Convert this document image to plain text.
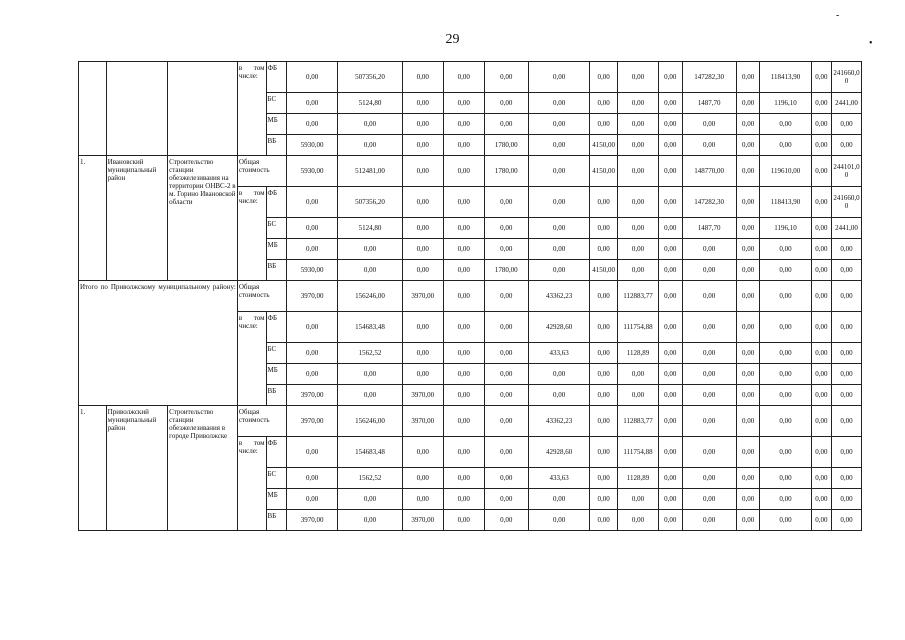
29
-
•
			в том числе:	ФБ	0,00	507356,20	0,00	0,00	0,00	0,00	0,00	0,00	0,00	147282,30	0,00	118413,90	0,00	241660,00
				БС	0,00	5124,80	0,00	0,00	0,00	0,00	0,00	0,00	0,00	1487,70	0,00	1196,10	0,00	2441,00
				МБ	0,00	0,00	0,00	0,00	0,00	0,00	0,00	0,00	0,00	0,00	0,00	0,00	0,00	0,00
				ВБ	5930,00	0,00	0,00	0,00	1780,00	0,00	4150,00	0,00	0,00	0,00	0,00	0,00	0,00	0,00
1.	Ивановский муниципальный район	Строительство станции обезжелезивания на территории ОНВС-2 в м. Горино Ивановской области	Общая стоимость		5930,00	512481,00	0,00	0,00	1780,00	0,00	4150,00	0,00	0,00	148770,00	0,00	119610,00	0,00	244101,00
			в том числе:	ФБ	0,00	507356,20	0,00	0,00	0,00	0,00	0,00	0,00	0,00	147282,30	0,00	118413,90	0,00	241660,00
				БС	0,00	5124,80	0,00	0,00	0,00	0,00	0,00	0,00	0,00	1487,70	0,00	1196,10	0,00	2441,00
				МБ	0,00	0,00	0,00	0,00	0,00	0,00	0,00	0,00	0,00	0,00	0,00	0,00	0,00	0,00
				ВБ	5930,00	0,00	0,00	0,00	1780,00	0,00	4150,00	0,00	0,00	0,00	0,00	0,00	0,00	0,00
Итого по Приволжскому муниципальному району:			Общая стоимость		3970,00	156246,00	3970,00	0,00	0,00	43362,23	0,00	112883,77	0,00	0,00	0,00	0,00	0,00	0,00
			в том числе:	ФБ	0,00	154683,48	0,00	0,00	0,00	42928,60	0,00	111754,88	0,00	0,00	0,00	0,00	0,00	0,00
				БС	0,00	1562,52	0,00	0,00	0,00	433,63	0,00	1128,89	0,00	0,00	0,00	0,00	0,00	0,00
				МБ	0,00	0,00	0,00	0,00	0,00	0,00	0,00	0,00	0,00	0,00	0,00	0,00	0,00	0,00
				ВБ	3970,00	0,00	3970,00	0,00	0,00	0,00	0,00	0,00	0,00	0,00	0,00	0,00	0,00	0,00
1.	Приволжский муниципальный район	Строительство станции обезжелезивания в городе Приволжске	Общая стоимость		3970,00	156246,00	3970,00	0,00	0,00	43362,23	0,00	112883,77	0,00	0,00	0,00	0,00	0,00	0,00
			в том числе:	ФБ	0,00	154683,48	0,00	0,00	0,00	42928,60	0,00	111754,88	0,00	0,00	0,00	0,00	0,00	0,00
				БС	0,00	1562,52	0,00	0,00	0,00	433,63	0,00	1128,89	0,00	0,00	0,00	0,00	0,00	0,00
				МБ	0,00	0,00	0,00	0,00	0,00	0,00	0,00	0,00	0,00	0,00	0,00	0,00	0,00	0,00
				ВБ	3970,00	0,00	3970,00	0,00	0,00	0,00	0,00	0,00	0,00	0,00	0,00	0,00	0,00	0,00
